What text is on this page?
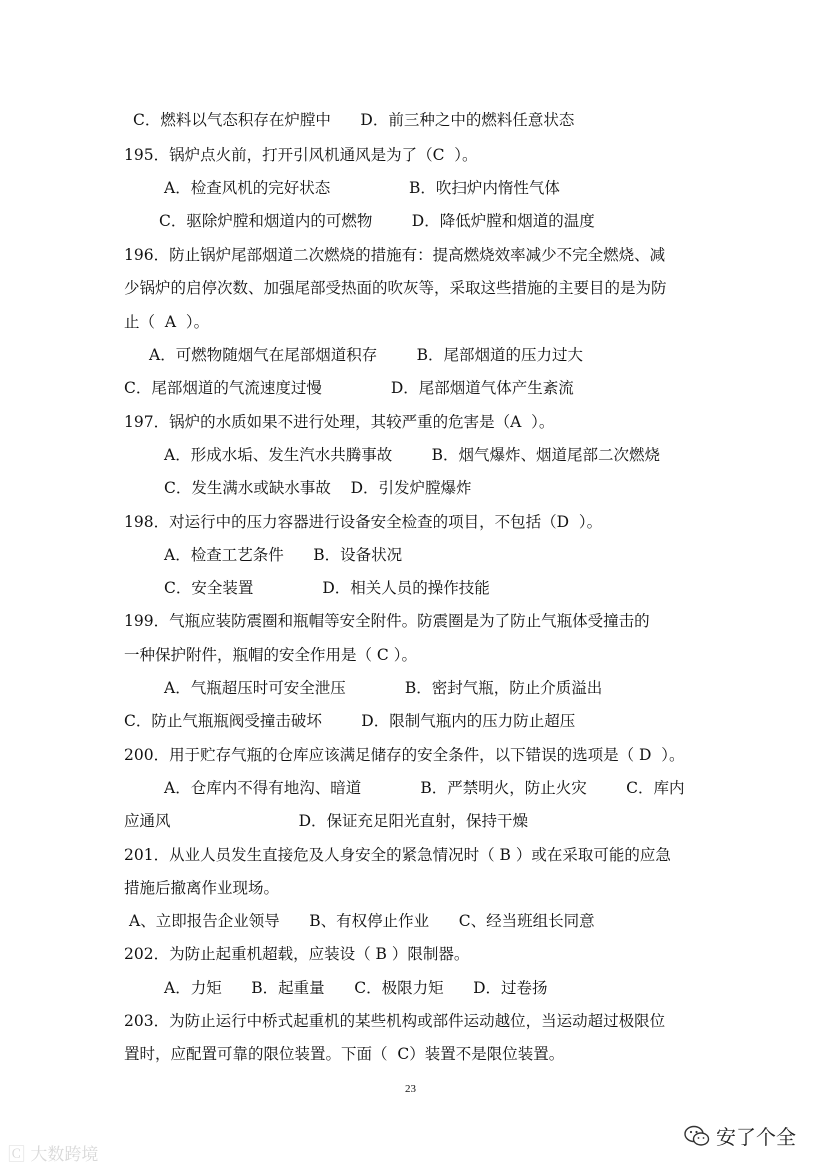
C．燃料以气态积存在炉膛中      D．前三种之中的燃料任意状态
195．锅炉点火前，打开引风机通风是为了（C  ）。
A．检查风机的完好状态                B．吹扫炉内惰性气体
C．驱除炉膛和烟道内的可燃物        D．降低炉膛和烟道的温度
196．防止锅炉尾部烟道二次燃烧的措施有：提高燃烧效率减少不完全燃烧、减
少锅炉的启停次数、加强尾部受热面的吹灰等，采取这些措施的主要目的是为防
止（  A  ）。
A．可燃物随烟气在尾部烟道积存        B．尾部烟道的压力过大
C．尾部烟道的气流速度过慢              D．尾部烟道气体产生紊流
197．锅炉的水质如果不进行处理，其较严重的危害是（A  ）。
A．形成水垢、发生汽水共腾事故        B．烟气爆炸、烟道尾部二次燃烧
C．发生满水或缺水事故    D．引发炉膛爆炸
198．对运行中的压力容器进行设备安全检查的项目，不包括（D  ）。
A．检查工艺条件      B．设备状况
C．安全装置              D．相关人员的操作技能
199．气瓶应装防震圈和瓶帽等安全附件。防震圈是为了防止气瓶体受撞击的
一种保护附件，瓶帽的安全作用是（ C ）。
A．气瓶超压时可安全泄压            B．密封气瓶，防止介质溢出
C．防止气瓶瓶阀受撞击破坏        D．限制气瓶内的压力防止超压
200．用于贮存气瓶的仓库应该满足储存的安全条件，以下错误的选项是（ D  ）。
A．仓库内不得有地沟、暗道            B．严禁明火，防止火灾        C．库内
应通风                          D．保证充足阳光直射，保持干燥
201．从业人员发生直接危及人身安全的紧急情况时（ B ）或在采取可能的应急
措施后撤离作业现场。
A、立即报告企业领导      B、有权停止作业      C、经当班组长同意
202．为防止起重机超载，应装设（ B ）限制器。
A．力矩      B．起重量      C．极限力矩      D．过卷扬
203．为防止运行中桥式起重机的某些机构或部件运动越位，当运动超过极限位
置时，应配置可靠的限位装置。下面（  C）装置不是限位装置。
23
🄲 大数跨境
安了个全
